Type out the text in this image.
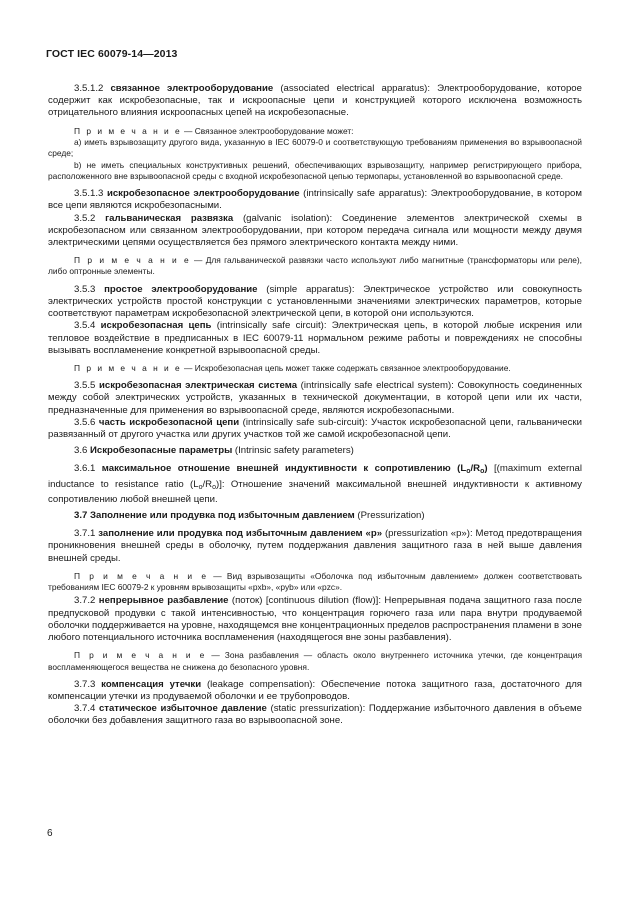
ГОСТ IEC 60079-14—2013

3.5.1.2 связанное электрооборудование (associated electrical apparatus): Электрооборудование, которое содержит как искробезопасные, так и искроопасные цепи и конструкцией которого исключена возможность отрицательного влияния искроопасных цепей на искробезопасные.

П р и м е ч а н и е — Связанное электрооборудование может:

a) иметь взрывозащиту другого вида, указанную в IEC 60079-0 и соответствующую требованиям применения во взрывоопасной среде;

b) не иметь специальных конструктивных решений, обеспечивающих взрывозащиту, например регистрирующего прибора, расположенного вне взрывоопасной среды с входной искробезопасной цепью термопары, установленной во взрывоопасной среде.

3.5.1.3 искробезопасное электрооборудование (intrinsically safe apparatus): Электрооборудование, в котором все цепи являются искробезопасными.

3.5.2 гальваническая развязка (galvanic isolation): Соединение элементов электрической схемы в искробезопасном или связанном электрооборудовании, при котором передача сигнала или мощности между двумя электрическими цепями осуществляется без прямого электрического контакта между ними.

П р и м е ч а н и е — Для гальванической развязки часто используют либо магнитные (трансформаторы или реле), либо оптронные элементы.

3.5.3 простое электрооборудование (simple apparatus): Электрическое устройство или совокупность электрических устройств простой конструкции с установленными значениями электрических параметров, которые соответствуют параметрам искробезопасной электрической цепи, в которой они используются.

3.5.4 искробезопасная цепь (intrinsically safe circuit): Электрическая цепь, в которой любые искрения или тепловое воздействие в предписанных в IEC 60079-11 нормальном режиме работы и повреждениях не способны вызывать воспламенение конкретной взрывоопасной среды.

П р и м е ч а н и е — Искробезопасная цепь может также содержать связанное электрооборудование.

3.5.5 искробезопасная электрическая система (intrinsically safe electrical system): Совокупность соединенных между собой электрических устройств, указанных в технической документации, в которой цепи или их части, предназначенные для применения во взрывоопасной среде, являются искробезопасными.

3.5.6 часть искробезопасной цепи (intrinsically safe sub-circuit): Участок искробезопасной цепи, гальванически развязанный от другого участка или других участков той же самой искробезопасной цепи.

3.6 Искробезопасные параметры (Intrinsic safety parameters)

3.6.1 максимальное отношение внешней индуктивности к сопротивлению $(L_o/R_o)$ [(maximum external inductance to resistance ratio $(L_o/R_o)$]: Отношение значений максимальной внешней индуктивности к активному сопротивлению любой внешней цепи.

3.7 Заполнение или продувка под избыточным давлением (Pressurization)

3.7.1 заполнение или продувка под избыточным давлением «p» (pressurization «p»): Метод предотвращения проникновения внешней среды в оболочку, путем поддержания давления защитного газа в ней выше давления внешней среды.

П р и м е ч а н и е — Вид взрывозащиты «Оболочка под избыточным давлением» должен соответствовать требованиям IEC 60079-2 к уровням врывозащиты «pxb», «pyb» или «pzc».

3.7.2 непрерывное разбавление (поток) [continuous dilution (flow)]: Непрерывная подача защитного газа после предпусковой продувки с такой интенсивностью, что концентрация горючего газа или пара внутри продуваемой оболочки поддерживается на уровне, находящемся вне концентрационных пределов распространения пламени в зоне любого потенциального источника воспламенения (находящегося вне зоны разбавления).

П р и м е ч а н и е — Зона разбавления — область около внутреннего источника утечки, где концентрация воспламеняющегося вещества не снижена до безопасного уровня.

3.7.3 компенсация утечки (leakage compensation): Обеспечение потока защитного газа, достаточного для компенсации утечки из продуваемой оболочки и ее трубопроводов.

3.7.4 статическое избыточное давление (static pressurization): Поддержание избыточного давления в объеме оболочки без добавления защитного газа во взрывоопасной зоне.

6
